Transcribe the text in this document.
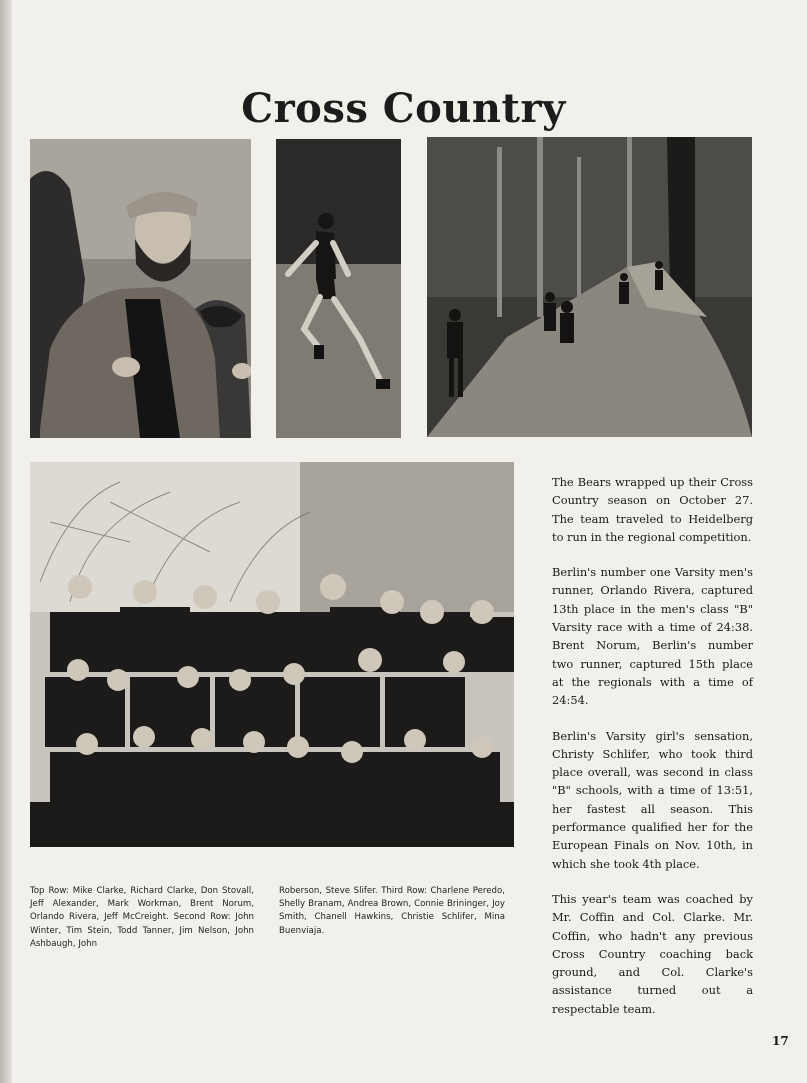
Cross Country
Top Row: Mike Clarke, Richard Clarke, Don Stovall, Jeff Alexander, Mark Workman, Brent Norum, Orlando Rivera, Jeff McCreight. Second Row: John Winter, Tim Stein, Todd Tanner, Jim Nelson, John Ashbaugh, John
Roberson, Steve Slifer. Third Row: Charlene Peredo, Shelly Branam, Andrea Brown, Connie Brininger, Joy Smith, Chanell Hawkins, Christie Schlifer, Mina Buenviaja.

The Bears wrapped up their Cross Country season on October 27. The team traveled to Heidelberg to run in the regional competition.

Berlin's number one Varsity men's runner, Orlando Rivera, captured 13th place in the men's class "B" Varsity race with a time of 24:38. Brent Norum, Berlin's number two runner, captured 15th place at the regionals with a time of 24:54.

Berlin's Varsity girl's sensation, Christy Schlifer, who took third place overall, was second in class "B" schools, with a time of 13:51, her fastest all season. This performance qualified her for the European Finals on Nov. 10th, in which she took 4th place.

This year's team was coached by Mr. Coffin and Col. Clarke. Mr. Coffin, who hadn't any previous Cross Country coaching back ground, and Col. Clarke's assistance turned out a respectable team.

17
